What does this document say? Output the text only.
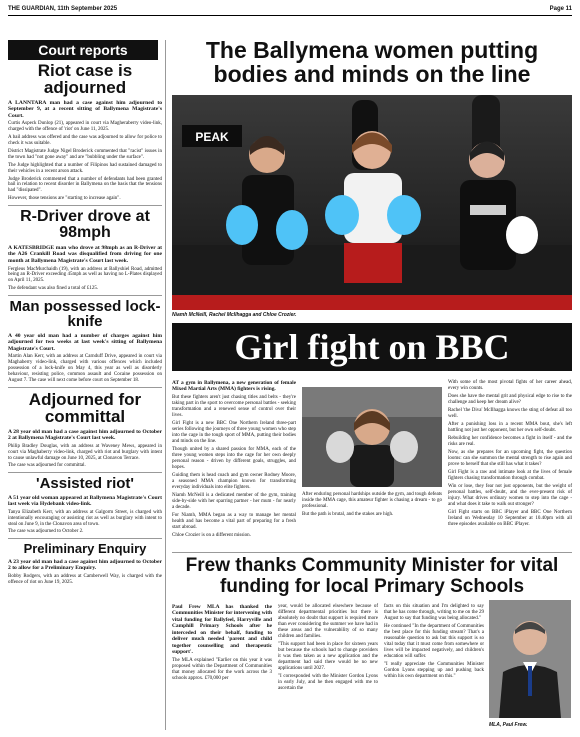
THE GUARDIAN, 11th September 2025	Page 11
Court reports
Riot case is adjourned

A LANNTARA man had a case against him adjourned to September 9, at a recent sitting of Ballymena Magistrate's Court.

Curtis Aspeck Dunlop (21), appeared in court via Magheraberry video-link, charged with the offence of 'riot' on June 11, 2025.

A bail address was offered and the case was adjourned to allow for police to check it was suitable.

District Magistrate Judge Nigel Broderick commented that "racist" issues in the town had "not gone away" and are "bubbling under the surface".

The Judge highlighted that a number of Filipinos had sustained damaged to their vehicles in a recent arson attack.

Judge Broderick commented that a number of defendants had been granted bail in relation to recent disorder in Ballymena on the basis that the tensions had "dissipated".

However, those tensions are "starting to increase again".

R-Driver drove at 98mph

A KATESBRIDGE man who drove at 98mph as an R-Driver at the A26 Crankill Road was disqualified from driving for one month at Ballymena Magistrate's Court last week.

Fergleus MacMurchaidh (19), with an address at Ballyshiel Road, admitted being an R-Driver exceeding 45mph as well as having no L-Plates displayed on April 11, 2025.

The defendant was also fined a total of £125.

Man possessed lock-knife

A 40 year old man had a number of charges against him adjourned for two weeks at last week's sitting of Ballymena Magistrate's Court.

Martin Alan Kerr, with an address at Carnduff Drive, appeared in court via Maghaberry video-link, charged with various offences which included possession of a lock-knife on May 4, this year as well as disorderly behaviour, resisting police, common assault and Cocaine possession on August 7. The case will next come before court on September 18.

Adjourned for committal

A 28 year old man had a case against him adjourned to October 2 at Ballymena Magistrate's Court last week.

Philip Bradley Douglas, with an address at Waveney Mews, appeared in court via Maghaberry video-link, charged with riot and burglary with intent to cause unlawful damage on June 10, 2025, at Clonavon Terrace.

The case was adjourned for committal.

'Assisted riot'

A 51 year old woman appeared at Ballymena Magistrate's Court last week via Hydebank video-link.

Tanya Elizabeth Kerr, with an address at Galgorm Street, is charged with intentionally encouraging or assisting riot as well as burglary with intent to steal on June 9, in the Clonavon area of town.

The case was adjourned to October 2.

Preliminary Enquiry

A 23 year old man had a case against him adjourned to October 2 to allow for a Preliminary Enquiry.

Bobby Rodgers, with an address at Camberwell Way, is charged with the offence of riot on June 19, 2025.

The Ballymena women putting bodies and minds on the line
PEAK
Niamh McNeill, Rachel McIlhagga and Chloe Crozier.
Girl fight on BBC

AT a gym in Ballymena, a new generation of female Mixed Martial Arts (MMA) fighters is rising.

But these fighters aren't just chasing titles and belts - they're taking part in the sport to overcome personal battles - seeking transformation and a renewed sense of control over their lives.

Girl Fight is a new BBC One Northern Ireland three-part series following the journeys of three young women who step into the cage in the tough sport of MMA, putting their bodies and minds on the line.

Though united by a shared passion for MMA, each of the three young women steps into the cage for her own deeply personal reason - driven by different goals, struggles, and hopes.

Guiding them is head coach and gym owner Rodney Moore, a seasoned MMA champion known for transforming everyday individuals into elite fighters.

Niamh McNeill is a dedicated member of the gym, training side-by-side with her sparring partner - her mum - for nearly a decade.

For Niamh, MMA began as a way to manage her mental health and has become a vital part of preparing for a fresh start abroad.

Chloe Crozier is on a different mission.

After enduring personal hardships outside the gym, and tough defeats inside the MMA cage, this amateur fighter is chasing a dream - to go professional.

But the path is brutal, and the stakes are high.

With some of the most pivotal fights of her career ahead, every win counts.

Does she have the mental grit and physical edge to rise to the challenge and keep her dream alive?

Rachel 'the Diva' McIlhagga knows the sting of defeat all too well.

After a punishing loss in a recent MMA bout, she's left battling not just her opponent, but her own self-doubt.

Rebuilding her confidence becomes a fight in itself - and the risks are real.

Now, as she prepares for an upcoming fight, the question looms: can she summon the mental strength to rise again and prove to herself that she still has what it takes?

Girl Fight is a raw and intimate look at the lives of female fighters chasing transformation through combat.

Win or lose, they fear not just opponents, but the weight of personal battles, self-doubt, and the ever-present risk of injury. What drives ordinary women to step into the cage - and what does it take to walk out stronger?

Girl Fight starts on BBC iPlayer and BBC One Northern Ireland on Wednesday 10 September at 10.40pm with all three episodes available on BBC iPlayer.

Frew thanks Community Minister for vital funding for local Primary Schools

Paul Frew MLA has thanked the Communities Minister for intervening with vital funding for Ballyfeel, Harryville and Camphill Primary Schools after he interceded on their behalf, funding to deliver much needed 'parent and child together counselling and therapeutic support'.

The MLA explained "Earlier on this year it was proposed within the Department of Communities that money allocated for the work across the 3 schools approx. £70,000 per

year, would be allocated elsewhere because of different departmental priorities but there is absolutely no doubt that support is required more than ever considering the summer we have had in these areas and the vulnerability of so many children and families.

"This support had been in place for sixteen years but because the schools had to change providers it was then taken as a new application and the department had said there would be no new applications until 2027.

"I corresponded with the Minister Gordon Lyons in early July, and he then engaged with me to ascertain the

facts on this situation and I'm delighted to say that he has come through, writing to me on the 29 August to say that funding was being allocated."

He continued "In the department of Communities the best place for this funding stream? That's a reasonable question to ask but this support is so vital today that it must come from somewhere or lives will be impacted negatively, and children's education will suffer.

"I really appreciate the Communities Minister Gordon Lyons stepping up and pushing back within his own department on this."

MLA, Paul Frew.
